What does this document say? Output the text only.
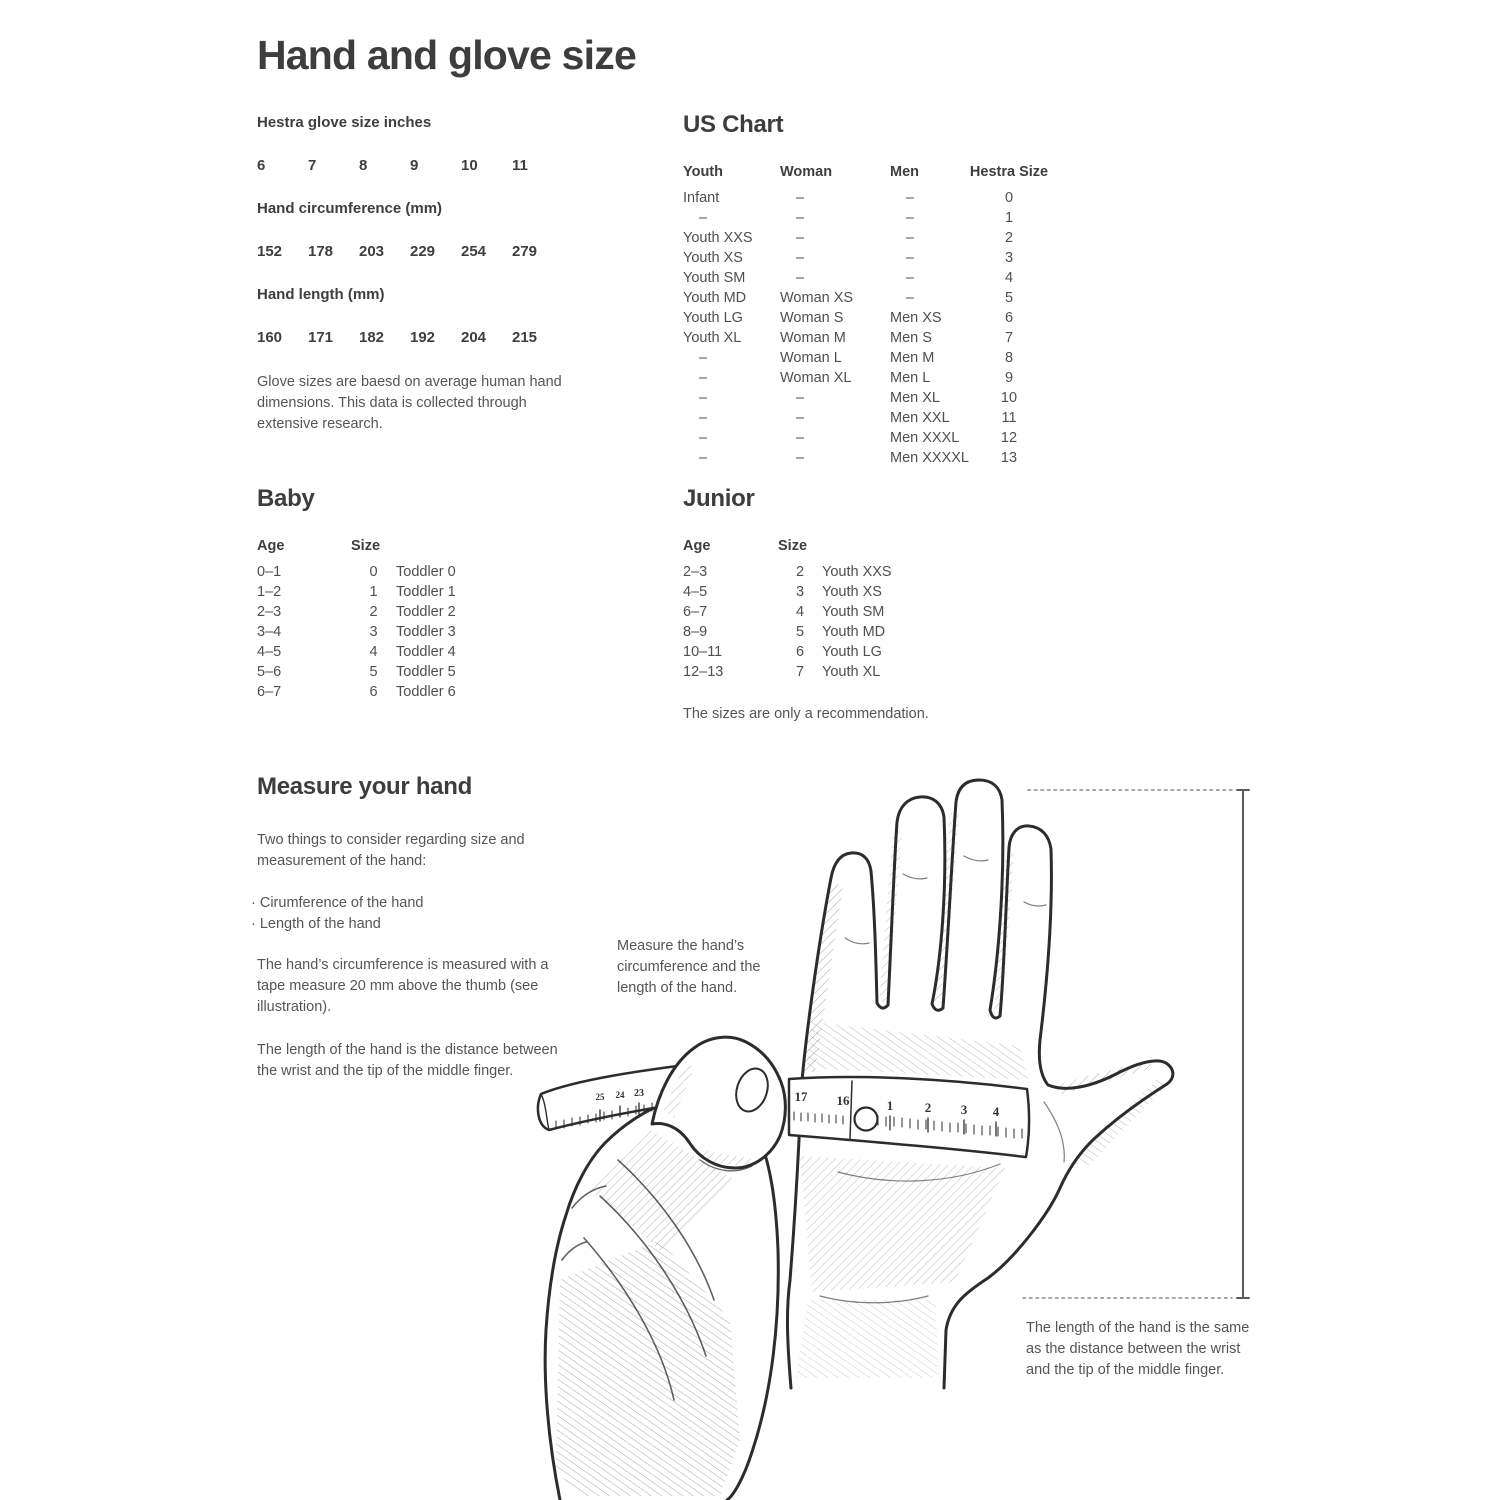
Hand and glove size
Hestra glove size inches
6	7	8	9	10	11
Hand circumference (mm)
152	178	203	229	254	279
Hand length (mm)
160	171	182	192	204	215

Glove sizes are baesd on average human hand dimensions. This data is collected through extensive research.

US Chart
Youth	Woman	Men	Hestra Size
Infant	–	–	0
–	–	–	1
Youth XXS	–	–	2
Youth XS	–	–	3
Youth SM	–	–	4
Youth MD	Woman XS	–	5
Youth LG	Woman S	Men XS	6
Youth XL	Woman M	Men S	7
–	Woman L	Men M	8
–	Woman XL	Men L	9
–	–	Men XL	10
–	–	Men XXL	11
–	–	Men XXXL	12
–	–	Men XXXXL	13
Baby
Age	Size	
0–1	0	Toddler 0
1–2	1	Toddler 1
2–3	2	Toddler 2
3–4	3	Toddler 3
4–5	4	Toddler 4
5–6	5	Toddler 5
6–7	6	Toddler 6
Junior
Age	Size	
2–3	2	Youth XXS
4–5	3	Youth XS
6–7	4	Youth SM
8–9	5	Youth MD
10–11	6	Youth LG
12–13	7	Youth XL

The sizes are only a recommendation.

Measure your hand

Two things to consider regarding size and measurement of the hand:

· Cirumference of the hand
· Length of the hand

The hand’s circumference is measured with a tape measure 20 mm above the thumb (see illustration).

The length of the hand is the distance between the wrist and the tip of the middle finger.

Measure the hand’s circumference and the length of the hand.
The length of the hand is the same as the distance between the wrist and the tip of the middle finger.
17 16	1 2 3 4
25 24 23
